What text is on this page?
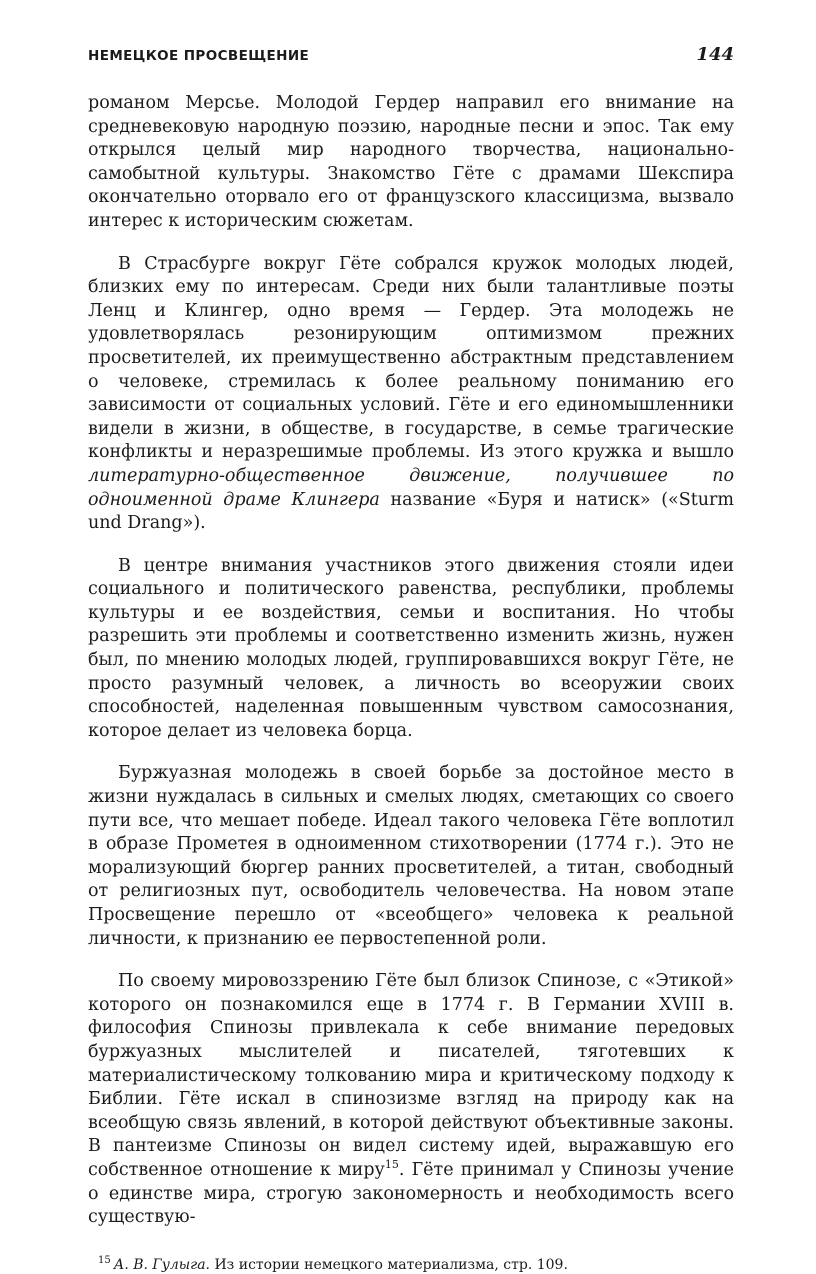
НЕМЕЦКОЕ ПРОСВЕЩЕНИЕ	144

романом Мерсье. Молодой Гердер направил его внимание на средневековую народную поэзию, народные песни и эпос. Так ему открылся целый мир народного творчества, национально-самобытной культуры. Знакомство Гёте с драмами Шекспира окончательно оторвало его от французского классицизма, вызвало интерес к историческим сюжетам.

В Страсбурге вокруг Гёте собрался кружок молодых людей, близких ему по интересам. Среди них были талантливые поэты Ленц и Клингер, одно время — Гердер. Эта молодежь не удовлетворялась резонирующим оптимизмом прежних просветителей, их преимущественно абстрактным представлением о человеке, стремилась к более реальному пониманию его зависимости от социальных условий. Гёте и его единомышленники видели в жизни, в обществе, в государстве, в семье трагические конфликты и неразрешимые проблемы. Из этого кружка и вышло литературно-общественное движение, получившее по одноименной драме Клингера название «Буря и натиск» («Sturm und Drang»).

В центре внимания участников этого движения стояли идеи социального и политического равенства, республики, проблемы культуры и ее воздействия, семьи и воспитания. Но чтобы разрешить эти проблемы и соответственно изменить жизнь, нужен был, по мнению молодых людей, группировавшихся вокруг Гёте, не просто разумный человек, а личность во всеоружии своих способностей, наделенная повышенным чувством самосознания, которое делает из человека борца.

Буржуазная молодежь в своей борьбе за достойное место в жизни нуждалась в сильных и смелых людях, сметающих со своего пути все, что мешает победе. Идеал такого человека Гёте воплотил в образе Прометея в одноименном стихотворении (1774 г.). Это не морализующий бюргер ранних просветителей, а титан, свободный от религиозных пут, освободитель человечества. На новом этапе Просвещение перешло от «всеобщего» человека к реальной личности, к признанию ее первостепенной роли.

По своему мировоззрению Гёте был близок Спинозе, с «Этикой» которого он познакомился еще в 1774 г. В Германии XVIII в. философия Спинозы привлекала к себе внимание передовых буржуазных мыслителей и писателей, тяготевших к материалистическому толкованию мира и критическому подходу к Библии. Гёте искал в спинозизме взгляд на природу как на всеобщую связь явлений, в которой действуют объективные законы. В пантеизме Спинозы он видел систему идей, выражавшую его собственное отношение к миру$^{15}$. Гёте принимал у Спинозы учение о единстве мира, строгую закономерность и необходимость всего существую-

$^{15}$ А. В. Гулыга. Из истории немецкого материализма, стр. 109.
